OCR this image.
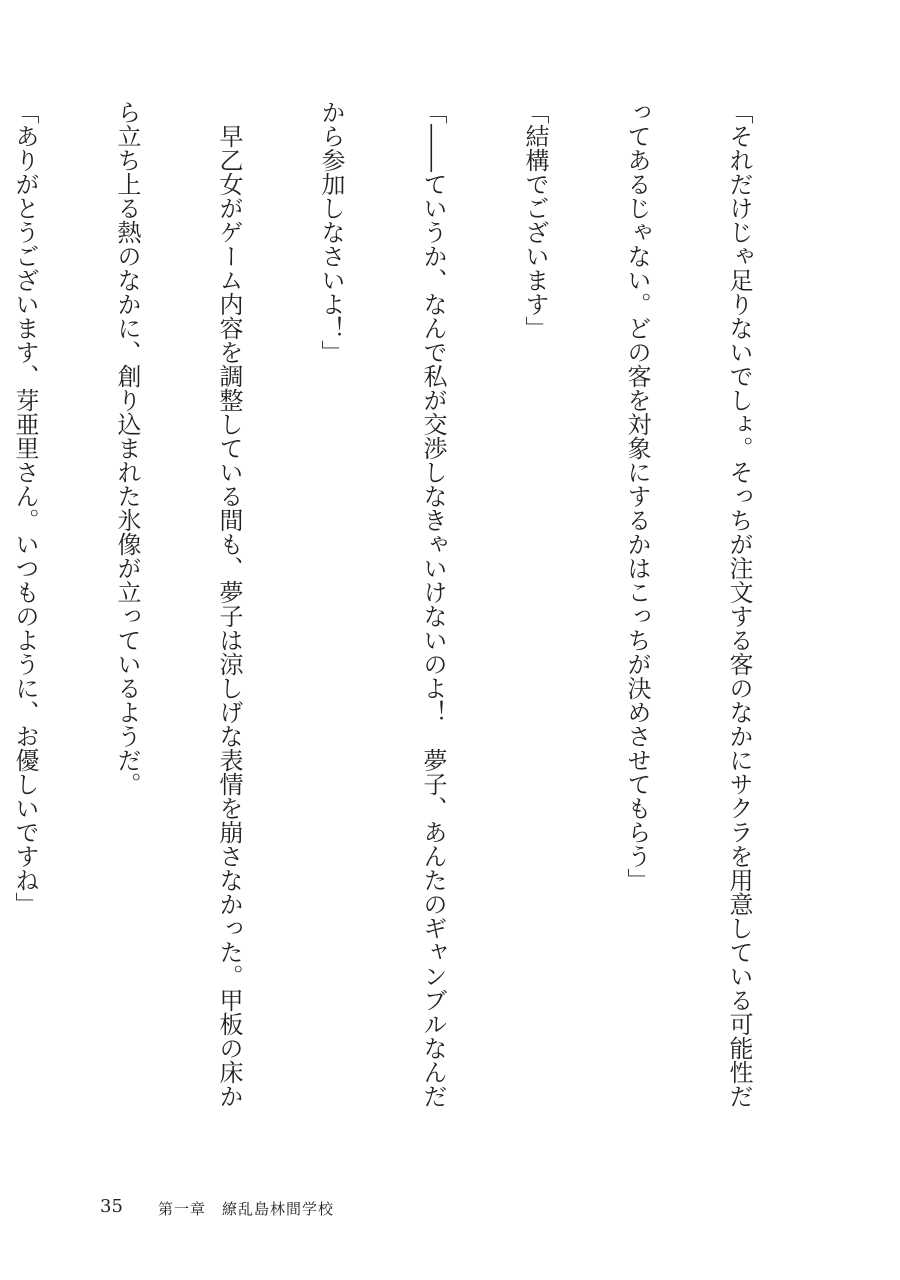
「それだけじゃ足りないでしょ。そっちが注文する客のなかにサクラを用意している可能性だ

ってあるじゃない。どの客を対象にするかはこっちが決めさせてもらう」

「結構でございます」

「――ていうか、なんで私が交渉しなきゃいけないのよ！　夢子、あんたのギャンブルなんだ

から参加しなさいよ！」

　早乙女がゲーム内容を調整している間も、夢子は涼しげな表情を崩さなかった。甲板の床か

ら立ち上る熱のなかに、創り込まれた氷像が立っているようだ。

「ありがとうございます、芽亜里さん。いつものように、お優しいですね」

35 第一章　繚乱島林間学校
